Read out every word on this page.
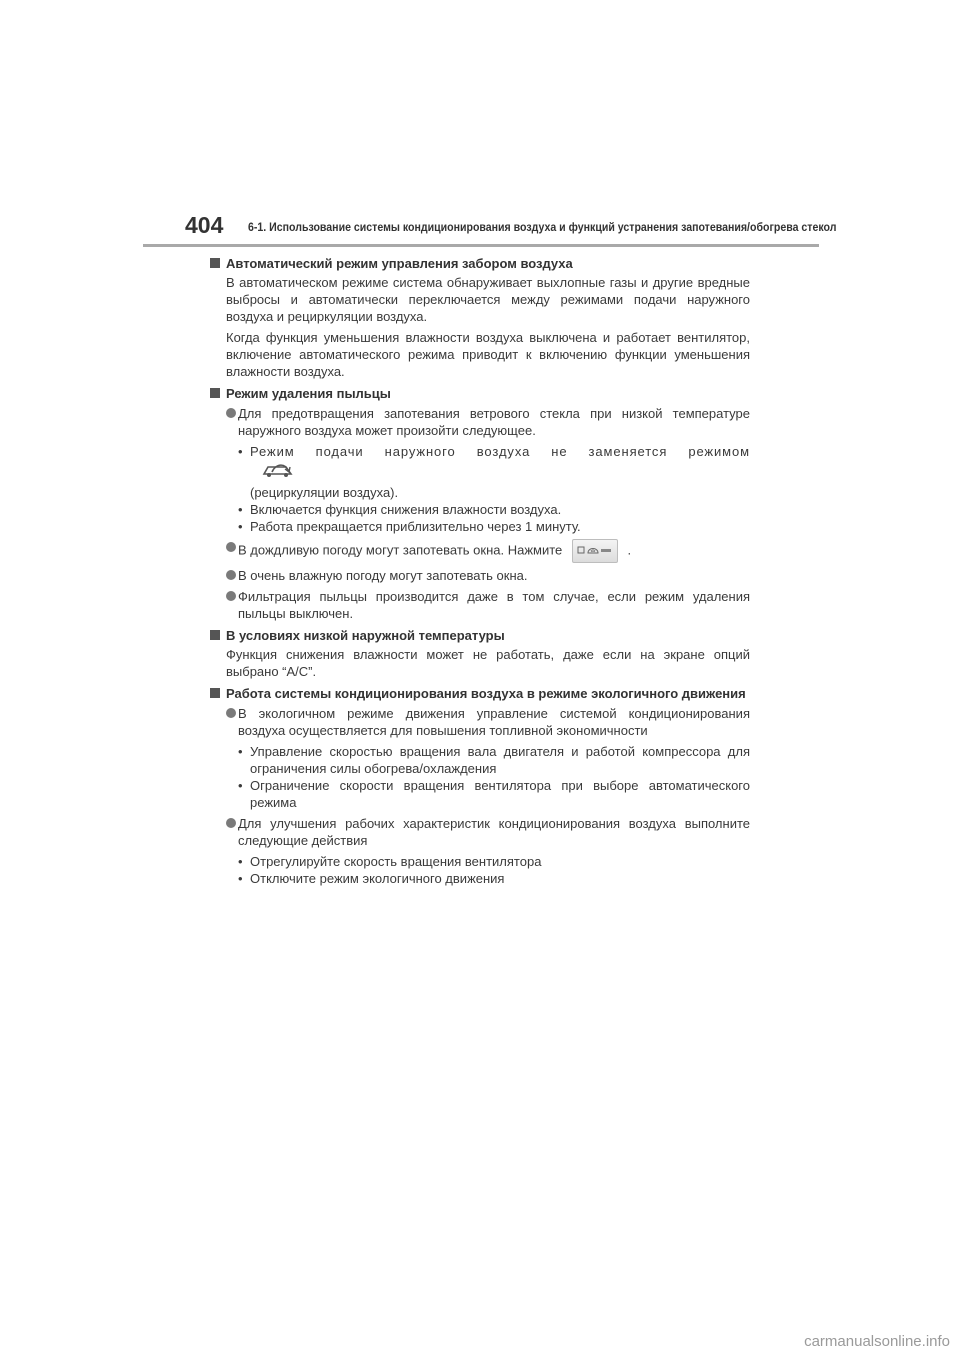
404 6-1. Использование системы кондиционирования воздуха и функций устранения запотевания/обогрева стекол
Автоматический режим управления забором воздуха

В автоматическом режиме система обнаруживает выхлопные газы и другие вредные выбросы и автоматически переключается между режимами подачи наружного воздуха и рециркуляции воздуха.

Когда функция уменьшения влажности воздуха выключена и работает вентилятор, включение автоматического режима приводит к включению функции уменьшения влажности воздуха.

Режим удаления пыльцы
Для предотвращения запотевания ветрового стекла при низкой температуре наружного воздуха может произойти следующее.
• Режим подачи наружного воздуха не заменяется режимом
(рециркуляции воздуха).
• Включается функция снижения влажности воздуха.
• Работа прекращается приблизительно через 1 минуту.
В дождливую погоду могут запотевать окна. Нажмите	.
В очень влажную погоду могут запотевать окна.
Фильтрация пыльцы производится даже в том случае, если режим удаления пыльцы выключен.
В условиях низкой наружной температуры

Функция снижения влажности может не работать, даже если на экране опций выбрано “A/C”.

Работа системы кондиционирования воздуха в режиме экологичного движения
В экологичном режиме движения управление системой кондиционирования воздуха осуществляется для повышения топливной экономичности
• Управление скоростью вращения вала двигателя и работой компрессора для ограничения силы обогрева/охлаждения
• Ограничение скорости вращения вентилятора при выборе автоматического режима
Для улучшения рабочих характеристик кондиционирования воздуха выполните следующие действия
• Отрегулируйте скорость вращения вентилятора
• Отключите режим экологичного движения
carmanualsonline.info
